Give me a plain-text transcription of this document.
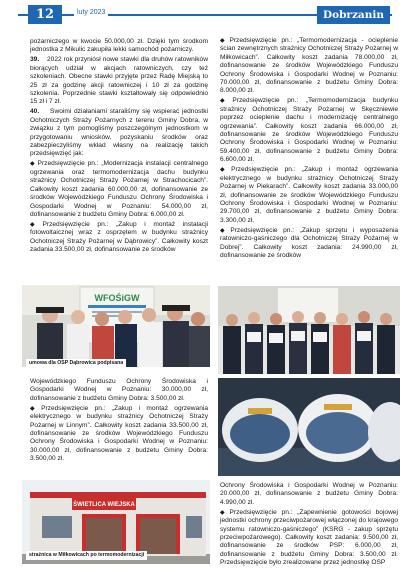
12	luty 2023	Dobrzanin

pożarniczego w kwocie 50.000,00 zł. Dzięki tym środkom jednostka z Mikulic zakupiła lekki samochód pożarniczy.

39. 2022 rok przyniósł nowe stawki dla druhów ratowników biorących udział w akcjach ratowniczych, czy też szkoleniach. Obecne stawki przyjęte przez Radę Miejską to 25 zł za godzinę akcji ratowniczej i 10 zł za godzinę szkolenia. Poprzednie stawki kształtowały się odpowiednio 15 zł i 7 zł.

40. Swoimi działaniami staraliśmy się wspierać jednostki Ochotniczych Straży Pożarnych z terenu Gminy Dobra, w związku z tym pomogliśmy poszczególnym jednostkom w przygotowaniu wniosków, pozyskaniu środków oraz zabezpieczyliśmy wkład własny na realizację takich przedsięwzięć jak:

◆ Przedsięwzięcie pn.: „Modernizacja instalacji centralnego ogrzewania oraz termomodernizacja dachu budynku strażnicy Ochotniczej Straży Pożarnej w Strachocicach”. Całkowity koszt zadania 60.000,00 zł, dofinansowanie ze środków Wojewódzkiego Funduszu Ochrony Środowiska i Gospodarki Wodnej w Poznaniu: 54.000,00 zł, dofinansowanie z budżetu Gminy Dobra: 6.000,00 zł.

◆ Przedsięwzięcie pn.: „Zakup i montaż instalacji fotowoltaicznej wraz z osprzętem w budynku strażnicy Ochotniczej Straży Pożarnej w Dąbrowicy”. Całkowity koszt zadania 33.500,00 zł, dofinansowanie ze środków

WFOŚiGW
umowa dla OSP Dąbrowica podpisana

Wojewódzkiego Funduszu Ochrony Środowiska i Gospodarki Wodnej w Poznaniu: 30.000,00 zł, dofinansowanie z budżetu Gminy Dobra: 3.500,00 zł.

◆ Przedsięwzięcie pn.: „Zakup i montaż ogrzewania elektrycznego w budynku strażnicy Ochotniczej Straży Pożarnej w Linnym”. Całkowity koszt zadania 33.500,00 zł, dofinansowanie ze środków Wojewódzkiego Funduszu Ochrony Środowiska i Gospodarki Wodnej w Poznaniu: 30.000,00 zł, dofinansowanie z budżetu Gminy Dobra: 3.500,00 zł.

ŚWIETLICA WIEJSKA
strażnica w Miłkowicach po termomodernizacji

◆ Przedsięwzięcie pn.: „Termomodernizacja - ocieplenie ścian zewnętrznych strażnicy Ochotniczej Straży Pożarnej w Miłkowicach”. Całkowity koszt zadania 78.000,00 zł, dofinansowanie ze środków Wojewódzkiego Funduszu Ochrony Środowiska i Gospodarki Wodnej w Poznaniu: 70.000,00 zł, dofinansowanie z budżetu Gminy Dobra: 8.000,00 zł.

◆ Przedsięwzięcie pn.: „Termomodernizacja budynku strażnicy Ochotniczej Straży Pożarnej w Skęczniewie poprzez ocieplenie dachu i modernizację centralnego ogrzewania”. Całkowity koszt zadania 66.000,00 zł, dofinansowanie ze środków Wojewódzkiego Funduszu Ochrony Środowiska i Gospodarki Wodnej w Poznaniu: 59.400,00 zł, dofinansowanie z budżetu Gminy Dobra: 6.600,00 zł.

◆ Przedsięwzięcie pn.: „Zakup i montaż ogrzewania elektrycznego w budynku strażnicy Ochotniczej Straży Pożarnej w Piekarach”. Całkowity koszt zadania 33.000,00 zł, dofinansowanie ze środków Wojewódzkiego Funduszu Ochrony Środowiska i Gospodarki Wodnej w Poznaniu: 29.700,00 zł, dofinansowanie z budżetu Gminy Dobra: 3.300,00 zł.

◆ Przedsięwzięcie pn.: „Zakup sprzętu i wyposażenia ratowniczo-gaśniczego dla Ochotniczej Straży Pożarnej w Dobrej”. Całkowity koszt zadania: 24.990,00 zł, dofinansowanie ze środków

Ochrony Środowiska i Gospodarki Wodnej w Poznaniu: 20.000,00 zł, dofinansowanie z budżetu Gminy Dobra: 4.990,00 zł.

◆ Przedsięwzięcie pn.: „Zapewnienie gotowości bojowej jednostki ochrony przeciwpożarowej włączonej do krajowego systemu ratowniczo-gaśniczego” (KSRG - zakup sprzętu przeciwpożarowego). Całkowity koszt zadania: 9.500,00 zł, dofinansowanie ze środków PSP: 6.000,00 zł, dofinansowanie z budżetu Gminy Dobra: 3.500,00 zł. Przedsięwzięcie było zrealizowane przez jednostkę OSP
